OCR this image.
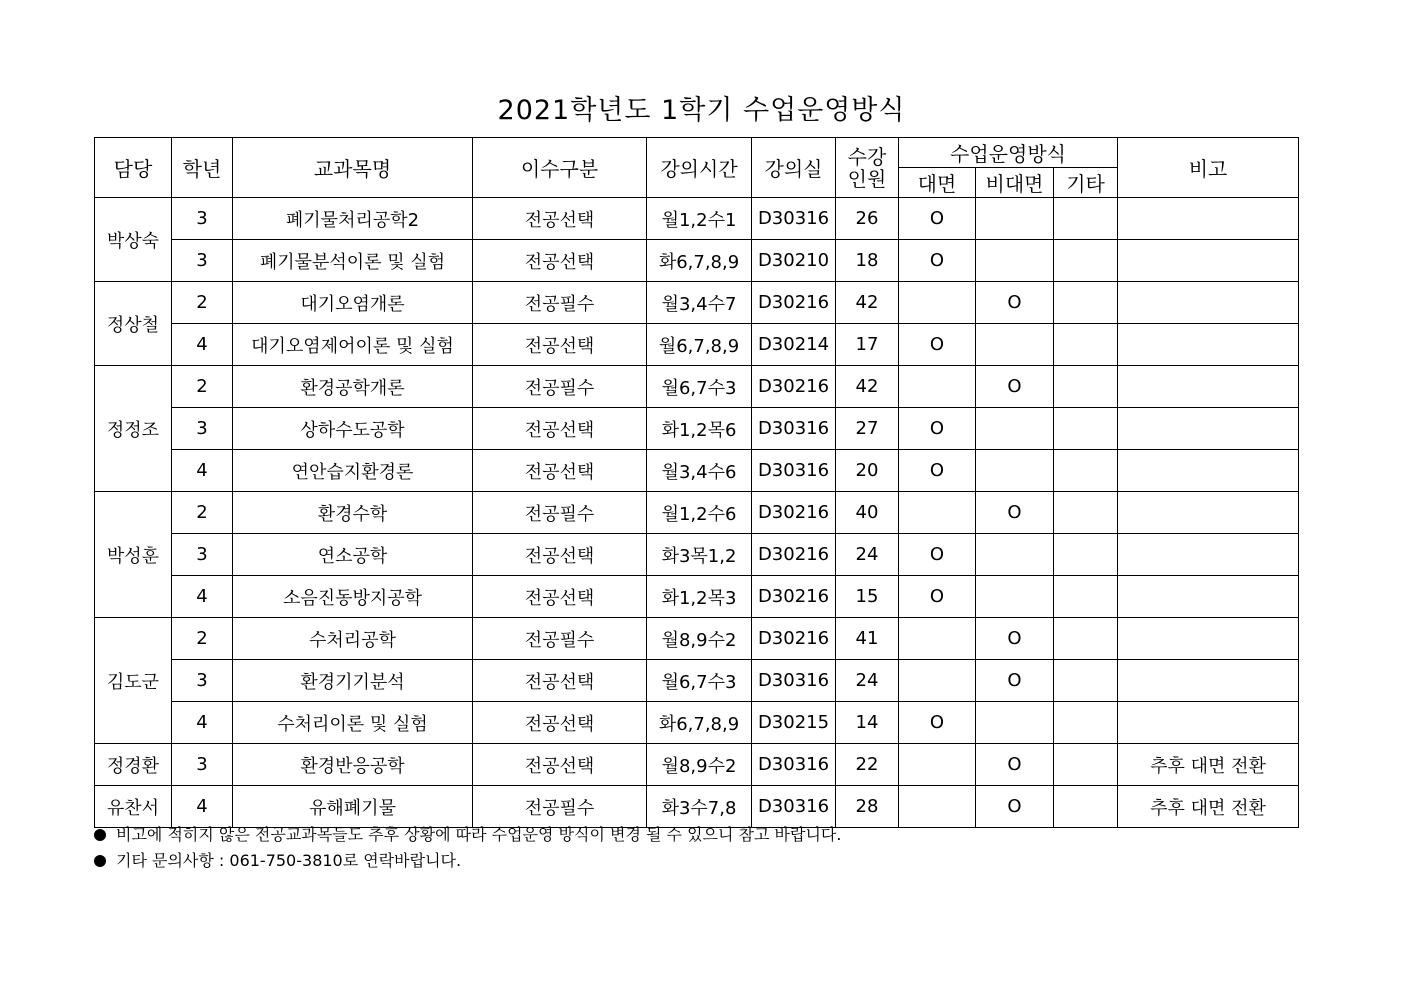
2021학년도 1학기 수업운영방식
담당	학년	교과목명	이수구분	강의시간	강의실	수강
인원	수업운영방식			비고
							대면	비대면	기타	
박상숙	3	폐기물처리공학2	전공선택	월1,2수1	D30316	26	O			
	3	폐기물분석이론 및 실험	전공선택	화6,7,8,9	D30210	18	O			
정상철	2	대기오염개론	전공필수	월3,4수7	D30216	42		O		
	4	대기오염제어이론 및 실험	전공선택	월6,7,8,9	D30214	17	O			
정정조	2	환경공학개론	전공필수	월6,7수3	D30216	42		O		
	3	상하수도공학	전공선택	화1,2목6	D30316	27	O			
	4	연안습지환경론	전공선택	월3,4수6	D30316	20	O			
박성훈	2	환경수학	전공필수	월1,2수6	D30216	40		O		
	3	연소공학	전공선택	화3목1,2	D30216	24	O			
	4	소음진동방지공학	전공선택	화1,2목3	D30216	15	O			
김도군	2	수처리공학	전공필수	월8,9수2	D30216	41		O		
	3	환경기기분석	전공선택	월6,7수3	D30316	24		O		
	4	수처리이론 및 실험	전공선택	화6,7,8,9	D30215	14	O			
정경환	3	환경반응공학	전공선택	월8,9수2	D30316	22		O		추후 대면 전환
유찬서	4	유해폐기물	전공필수	화3수7,8	D30316	28		O		추후 대면 전환
비고에 적히지 않은 전공교과목들도 추후 상황에 따라 수업운영 방식이 변경 될 수 있으니 참고 바랍니다.
기타 문의사항 : 061-750-3810로 연락바랍니다.
